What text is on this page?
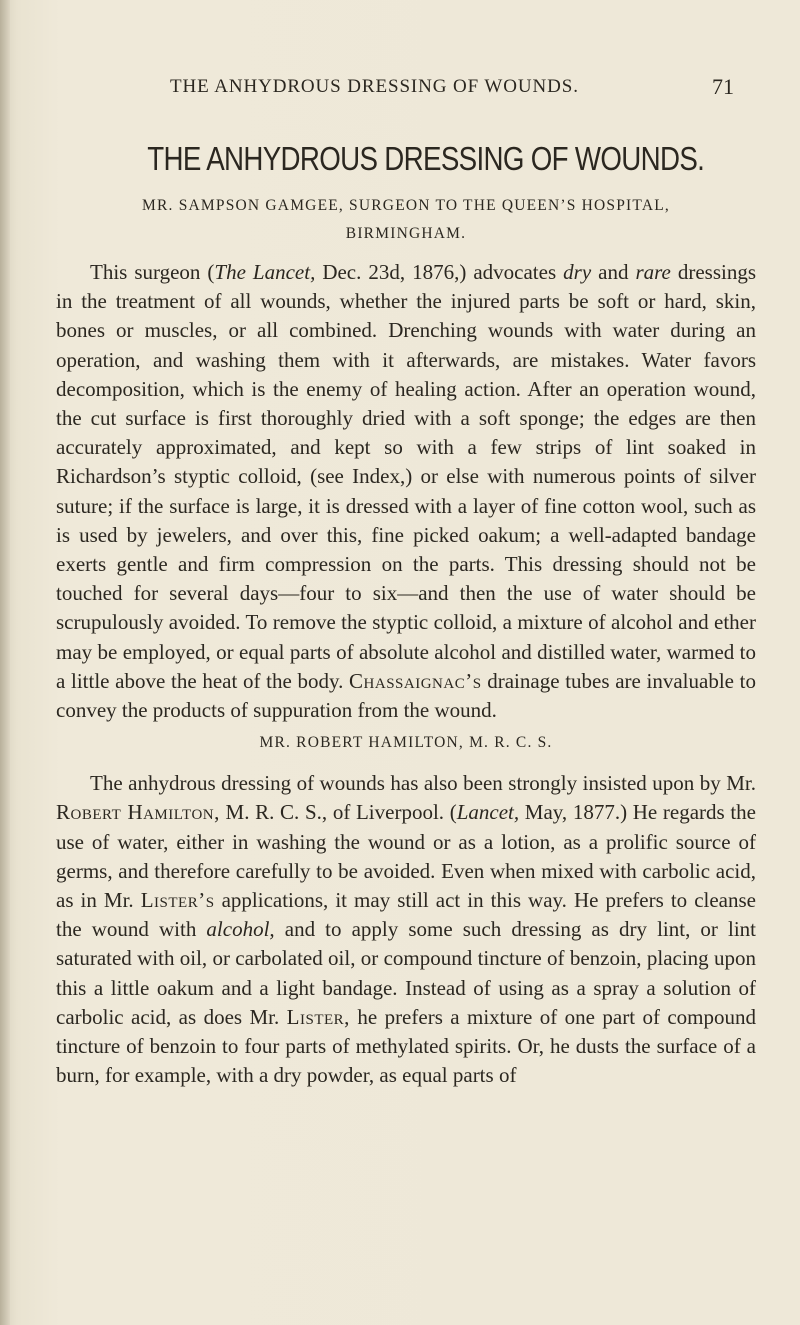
THE ANHYDROUS DRESSING OF WOUNDS.	71
THE ANHYDROUS DRESSING OF WOUNDS.
MR. SAMPSON GAMGEE, SURGEON TO THE QUEEN’S HOSPITAL,
BIRMINGHAM.

This surgeon (The Lancet, Dec. 23d, 1876,) advocates dry and rare dressings in the treatment of all wounds, whether the injured parts be soft or hard, skin, bones or muscles, or all combined. Drenching wounds with water during an operation, and washing them with it afterwards, are mistakes. Water favors decomposition, which is the enemy of healing action. After an operation wound, the cut surface is first thoroughly dried with a soft sponge; the edges are then accurately approximated, and kept so with a few strips of lint soaked in Richardson’s styptic colloid, (see Index,) or else with numerous points of silver suture; if the surface is large, it is dressed with a layer of fine cotton wool, such as is used by jewelers, and over this, fine picked oakum; a well-adapted bandage exerts gentle and firm compression on the parts. This dressing should not be touched for several days—four to six—and then the use of water should be scrupulously avoided. To remove the styptic colloid, a mixture of alcohol and ether may be employed, or equal parts of absolute alcohol and distilled water, warmed to a little above the heat of the body. Chassaignac’s drainage tubes are invaluable to convey the products of suppuration from the wound.

MR. ROBERT HAMILTON, M. R. C. S.

The anhydrous dressing of wounds has also been strongly insisted upon by Mr. Robert Hamilton, M. R. C. S., of Liverpool. (Lancet, May, 1877.) He regards the use of water, either in washing the wound or as a lotion, as a prolific source of germs, and therefore carefully to be avoided. Even when mixed with carbolic acid, as in Mr. Lister’s applications, it may still act in this way. He prefers to cleanse the wound with alcohol, and to apply some such dressing as dry lint, or lint saturated with oil, or carbolated oil, or compound tincture of benzoin, placing upon this a little oakum and a light bandage. Instead of using as a spray a solution of carbolic acid, as does Mr. Lister, he prefers a mixture of one part of compound tincture of benzoin to four parts of methylated spirits. Or, he dusts the surface of a burn, for example, with a dry powder, as equal parts of
